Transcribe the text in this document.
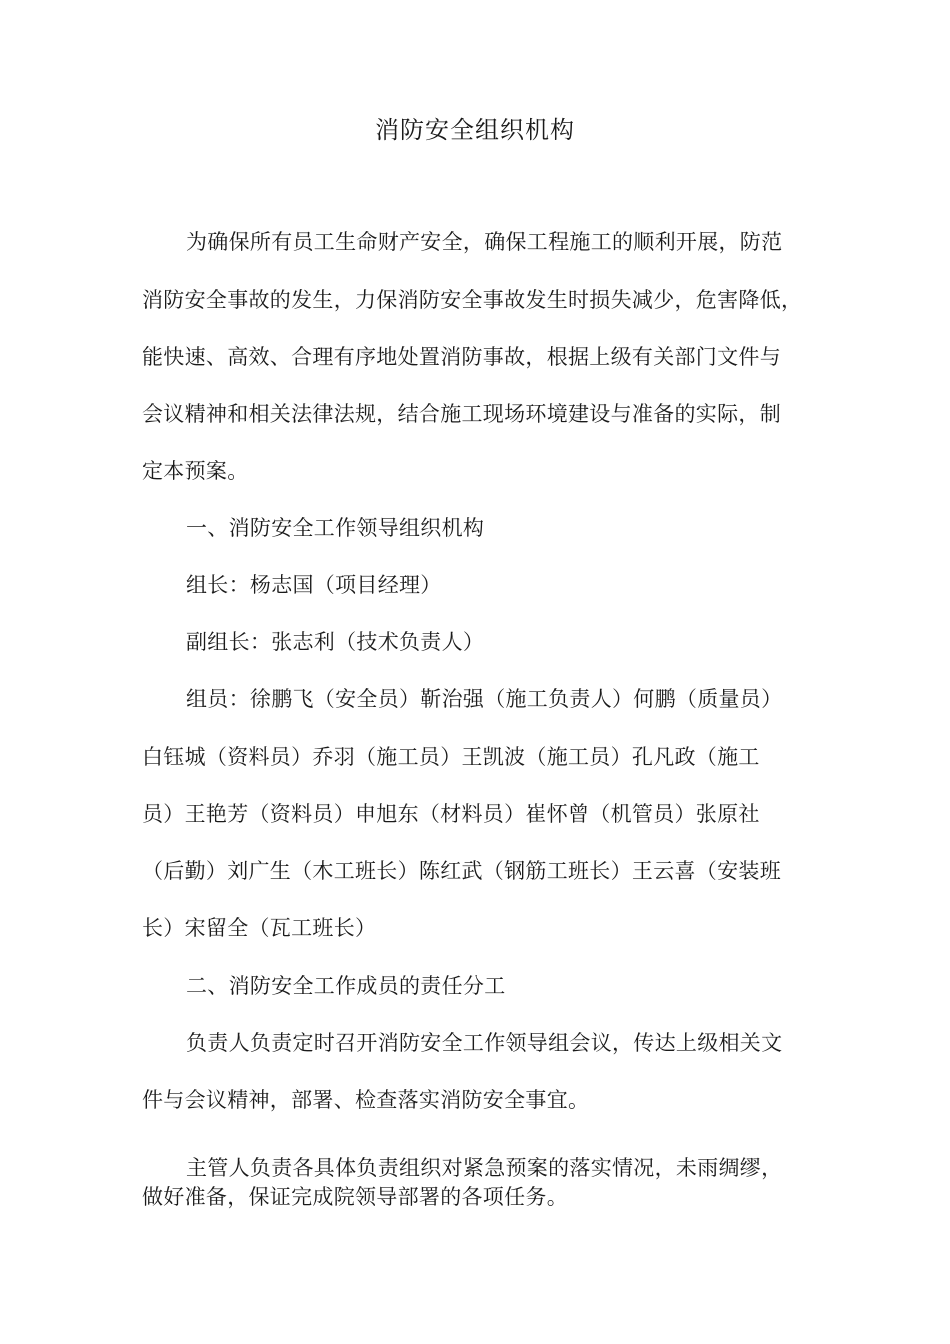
消防安全组织机构
为确保所有员工生命财产安全，确保工程施工的顺利开展，防范
消防安全事故的发生，力保消防安全事故发生时损失减少，危害降低，
能快速、高效、合理有序地处置消防事故，根据上级有关部门文件与
会议精神和相关法律法规，结合施工现场环境建设与准备的实际，制
定本预案。
一、消防安全工作领导组织机构
组长：杨志国（项目经理）
副组长：张志利（技术负责人）
组员：徐鹏飞（安全员）靳治强（施工负责人）何鹏（质量员）
白钰城（资料员）乔羽（施工员）王凯波（施工员）孔凡政（施工
员）王艳芳（资料员）申旭东（材料员）崔怀曾（机管员）张原社
（后勤）刘广生（木工班长）陈红武（钢筋工班长）王云喜（安装班
长）宋留全（瓦工班长）
二、消防安全工作成员的责任分工
负责人负责定时召开消防安全工作领导组会议，传达上级相关文
件与会议精神，部署、检查落实消防安全事宜。
主管人负责各具体负责组织对紧急预案的落实情况，未雨绸缪，
做好准备，保证完成院领导部署的各项任务。
